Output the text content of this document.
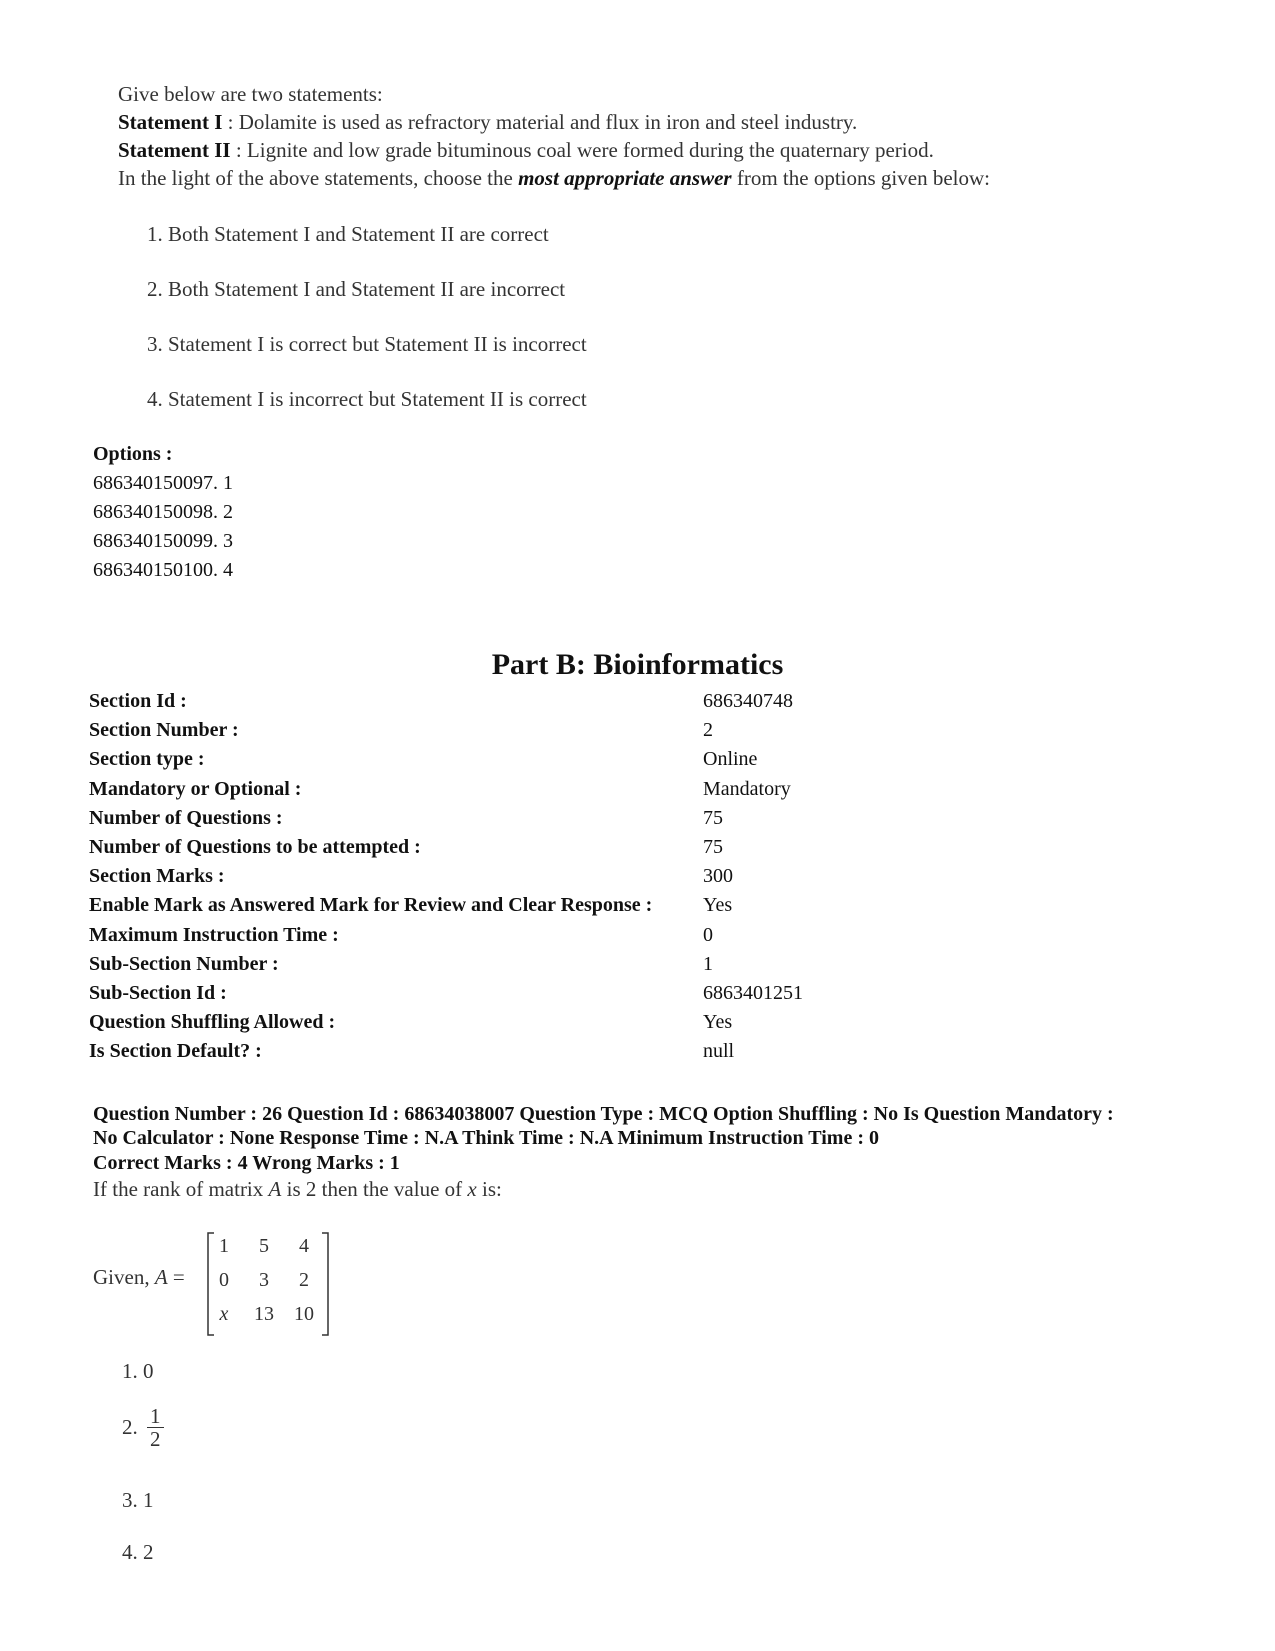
Give below are two statements:
Statement I : Dolamite is used as refractory material and flux in iron and steel industry.
Statement II : Lignite and low grade bituminous coal were formed during the quaternary period.
In the light of the above statements, choose the most appropriate answer from the options given below:
1. Both Statement I and Statement II are correct
2. Both Statement I and Statement II are incorrect
3. Statement I is correct but Statement II is incorrect
4. Statement I is incorrect but Statement II is correct
Options :
686340150097. 1
686340150098. 2
686340150099. 3
686340150100. 4
Part B: Bioinformatics
Section Id :	686340748
Section Number :	2
Section type :	Online
Mandatory or Optional :	Mandatory
Number of Questions :	75
Number of Questions to be attempted :	75
Section Marks :	300
Enable Mark as Answered Mark for Review and Clear Response :	Yes
Maximum Instruction Time :	0
Sub-Section Number :	1
Sub-Section Id :	6863401251
Question Shuffling Allowed :	Yes
Is Section Default? :	null
Question Number : 26 Question Id : 68634038007 Question Type : MCQ Option Shuffling : No Is Question Mandatory :
No Calculator : None Response Time : N.A Think Time : N.A Minimum Instruction Time : 0
Correct Marks : 4 Wrong Marks : 1
If the rank of matrix A is 2 then the value of x is:
Given, A =
1	5	4
0	3	2
x	13	10
1. 0
2. $\frac{1}{2}$
3. 1
4. 2
